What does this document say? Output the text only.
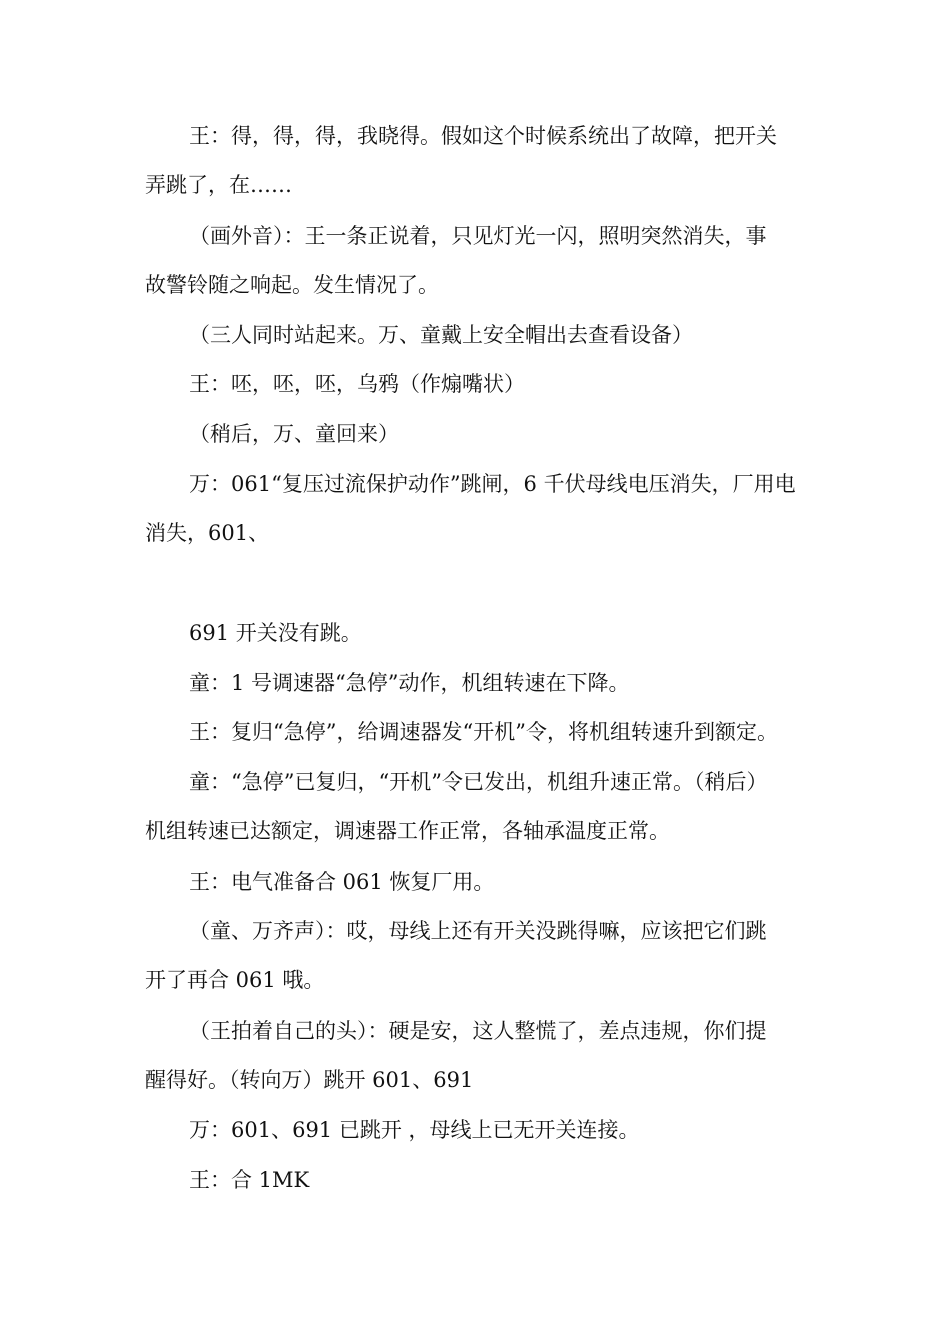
王：得，得，得，我晓得。假如这个时候系统出了故障，把开关
弄跳了，在……

（画外音）：王一条正说着，只见灯光一闪，照明突然消失，事
故警铃随之响起。发生情况了。

（三人同时站起来。万、童戴上安全帽出去查看设备）

王：呸，呸，呸，乌鸦（作煽嘴状）

（稍后，万、童回来）

万：061“复压过流保护动作”跳闸，6 千伏母线电压消失，厂用电
消失，601、

691 开关没有跳。

童：1 号调速器“急停”动作，机组转速在下降。

王：复归“急停”，给调速器发“开机”令，将机组转速升到额定。

童：“急停”已复归，“开机”令已发出，机组升速正常。（稍后）
机组转速已达额定，调速器工作正常，各轴承温度正常。

王：电气准备合 061 恢复厂用。

（童、万齐声）：哎，母线上还有开关没跳得嘛，应该把它们跳
开了再合 061 哦。

（王拍着自己的头）：硬是安，这人整慌了，差点违规，你们提
醒得好。（转向万）跳开 601、691

万：601、691 已跳开 ，母线上已无开关连接。

王：合 1MK
